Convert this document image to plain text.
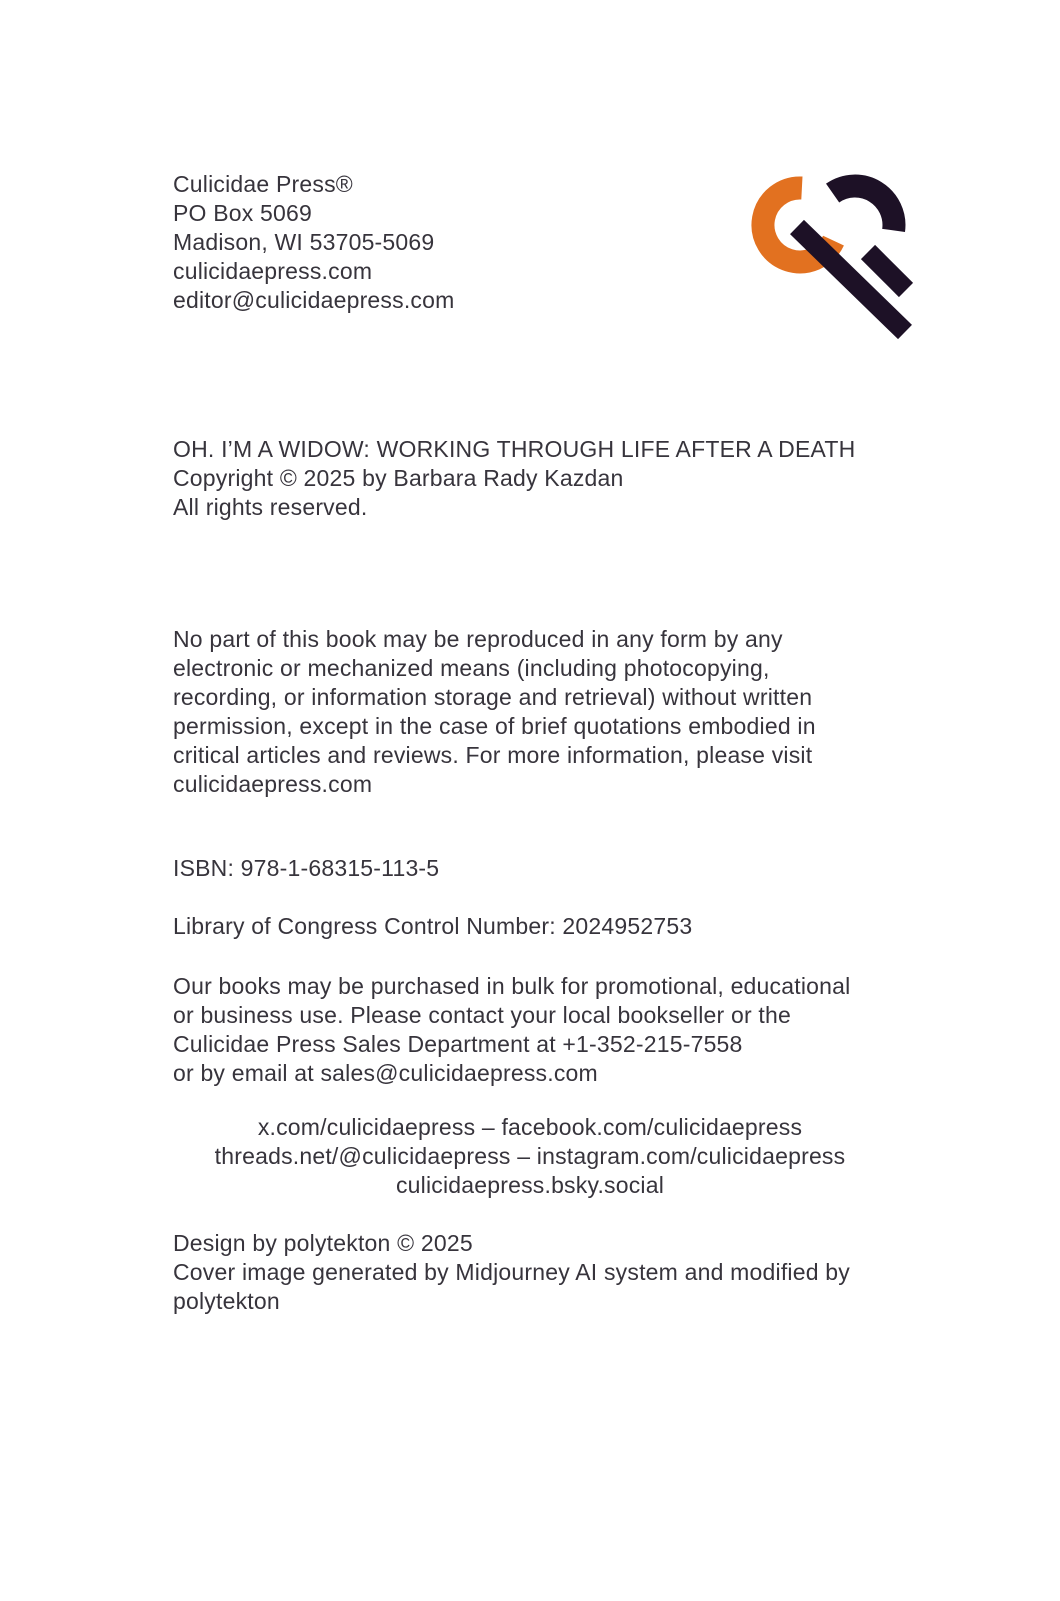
Culicidae Press®
PO Box 5069
Madison, WI 53705-5069
culicidaepress.com
editor@culicidaepress.com
OH. I’M A WIDOW: WORKING THROUGH LIFE AFTER A DEATH
Copyright © 2025 by Barbara Rady Kazdan
All rights reserved.
No part of this book may be reproduced in any form by any
electronic or mechanized means (including photocopying,
recording, or information storage and retrieval) without written
permission, except in the case of brief quotations embodied in
critical articles and reviews. For more information, please visit
culicidaepress.com
ISBN: 978-1-68315-113-5
Library of Congress Control Number: 2024952753
Our books may be purchased in bulk for promotional, educational
or business use. Please contact your local bookseller or the
Culicidae Press Sales Department at +1-352-215-7558
or by email at sales@culicidaepress.com
x.com/culicidaepress – facebook.com/culicidaepress
threads.net/@culicidaepress – instagram.com/culicidaepress
culicidaepress.bsky.social
Design by polytekton © 2025
Cover image generated by Midjourney AI system and modified by
polytekton
